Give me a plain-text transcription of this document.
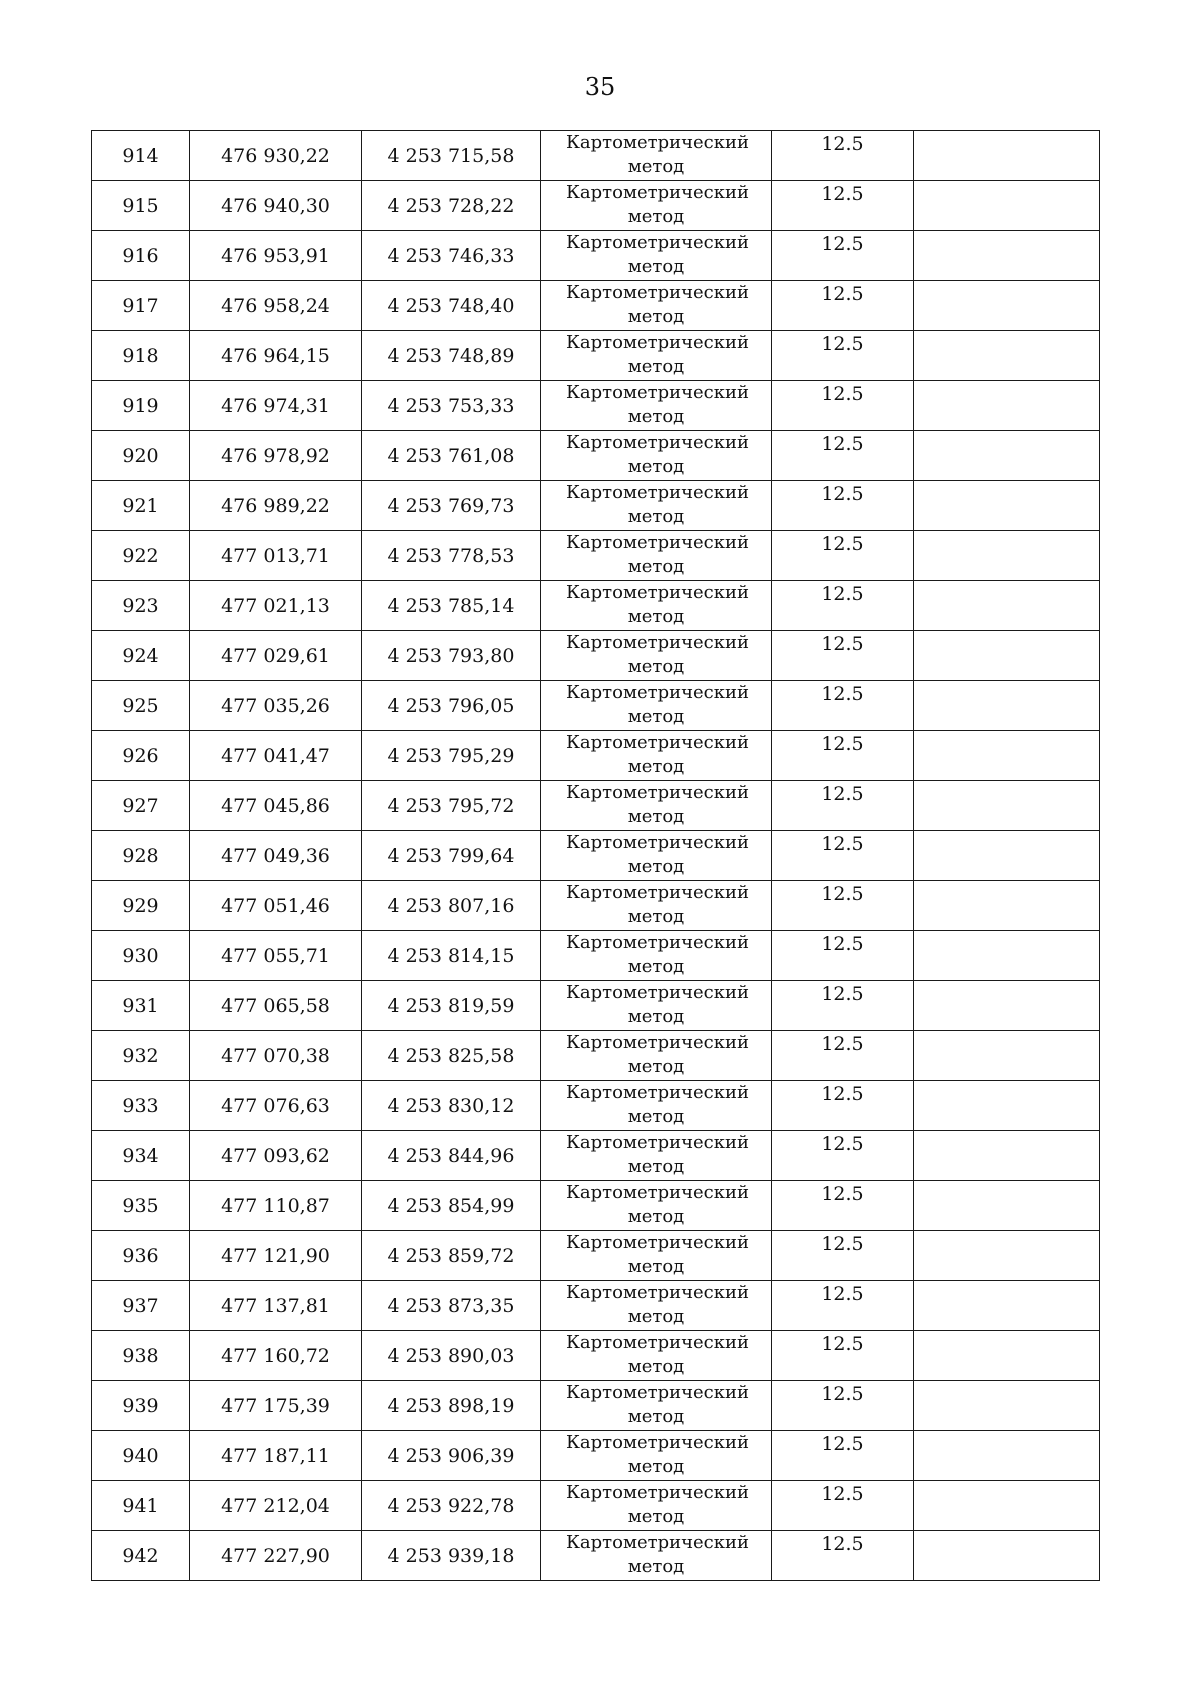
35
914	476 930,22	4 253 715,58	Картометрический метод	12.5	
915	476 940,30	4 253 728,22	Картометрический метод	12.5	
916	476 953,91	4 253 746,33	Картометрический метод	12.5	
917	476 958,24	4 253 748,40	Картометрический метод	12.5	
918	476 964,15	4 253 748,89	Картометрический метод	12.5	
919	476 974,31	4 253 753,33	Картометрический метод	12.5	
920	476 978,92	4 253 761,08	Картометрический метод	12.5	
921	476 989,22	4 253 769,73	Картометрический метод	12.5	
922	477 013,71	4 253 778,53	Картометрический метод	12.5	
923	477 021,13	4 253 785,14	Картометрический метод	12.5	
924	477 029,61	4 253 793,80	Картометрический метод	12.5	
925	477 035,26	4 253 796,05	Картометрический метод	12.5	
926	477 041,47	4 253 795,29	Картометрический метод	12.5	
927	477 045,86	4 253 795,72	Картометрический метод	12.5	
928	477 049,36	4 253 799,64	Картометрический метод	12.5	
929	477 051,46	4 253 807,16	Картометрический метод	12.5	
930	477 055,71	4 253 814,15	Картометрический метод	12.5	
931	477 065,58	4 253 819,59	Картометрический метод	12.5	
932	477 070,38	4 253 825,58	Картометрический метод	12.5	
933	477 076,63	4 253 830,12	Картометрический метод	12.5	
934	477 093,62	4 253 844,96	Картометрический метод	12.5	
935	477 110,87	4 253 854,99	Картометрический метод	12.5	
936	477 121,90	4 253 859,72	Картометрический метод	12.5	
937	477 137,81	4 253 873,35	Картометрический метод	12.5	
938	477 160,72	4 253 890,03	Картометрический метод	12.5	
939	477 175,39	4 253 898,19	Картометрический метод	12.5	
940	477 187,11	4 253 906,39	Картометрический метод	12.5	
941	477 212,04	4 253 922,78	Картометрический метод	12.5	
942	477 227,90	4 253 939,18	Картометрический метод	12.5	
